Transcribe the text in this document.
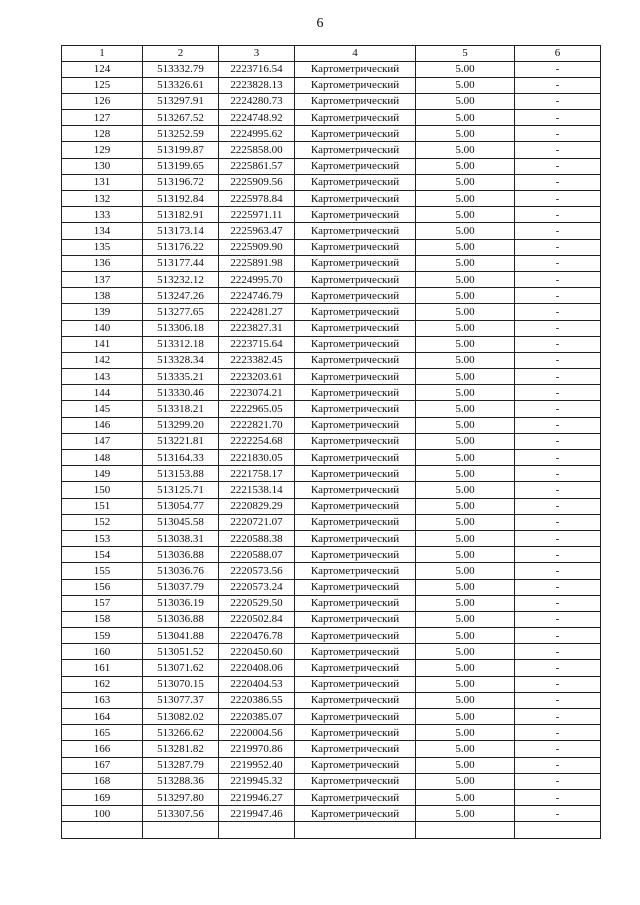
6
1	2	3	4	5	6
124	513332.79	2223716.54	Картометрический	5.00	-
125	513326.61	2223828.13	Картометрический	5.00	-
126	513297.91	2224280.73	Картометрический	5.00	-
127	513267.52	2224748.92	Картометрический	5.00	-
128	513252.59	2224995.62	Картометрический	5.00	-
129	513199.87	2225858.00	Картометрический	5.00	-
130	513199.65	2225861.57	Картометрический	5.00	-
131	513196.72	2225909.56	Картометрический	5.00	-
132	513192.84	2225978.84	Картометрический	5.00	-
133	513182.91	2225971.11	Картометрический	5.00	-
134	513173.14	2225963.47	Картометрический	5.00	-
135	513176.22	2225909.90	Картометрический	5.00	-
136	513177.44	2225891.98	Картометрический	5.00	-
137	513232.12	2224995.70	Картометрический	5.00	-
138	513247.26	2224746.79	Картометрический	5.00	-
139	513277.65	2224281.27	Картометрический	5.00	-
140	513306.18	2223827.31	Картометрический	5.00	-
141	513312.18	2223715.64	Картометрический	5.00	-
142	513328.34	2223382.45	Картометрический	5.00	-
143	513335.21	2223203.61	Картометрический	5.00	-
144	513330.46	2223074.21	Картометрический	5.00	-
145	513318.21	2222965.05	Картометрический	5.00	-
146	513299.20	2222821.70	Картометрический	5.00	-
147	513221.81	2222254.68	Картометрический	5.00	-
148	513164.33	2221830.05	Картометрический	5.00	-
149	513153.88	2221758.17	Картометрический	5.00	-
150	513125.71	2221538.14	Картометрический	5.00	-
151	513054.77	2220829.29	Картометрический	5.00	-
152	513045.58	2220721.07	Картометрический	5.00	-
153	513038.31	2220588.38	Картометрический	5.00	-
154	513036.88	2220588.07	Картометрический	5.00	-
155	513036.76	2220573.56	Картометрический	5.00	-
156	513037.79	2220573.24	Картометрический	5.00	-
157	513036.19	2220529.50	Картометрический	5.00	-
158	513036.88	2220502.84	Картометрический	5.00	-
159	513041.88	2220476.78	Картометрический	5.00	-
160	513051.52	2220450.60	Картометрический	5.00	-
161	513071.62	2220408.06	Картометрический	5.00	-
162	513070.15	2220404.53	Картометрический	5.00	-
163	513077.37	2220386.55	Картометрический	5.00	-
164	513082.02	2220385.07	Картометрический	5.00	-
165	513266.62	2220004.56	Картометрический	5.00	-
166	513281.82	2219970.86	Картометрический	5.00	-
167	513287.79	2219952.40	Картометрический	5.00	-
168	513288.36	2219945.32	Картометрический	5.00	-
169	513297.80	2219946.27	Картометрический	5.00	-
100	513307.56	2219947.46	Картометрический	5.00	-
